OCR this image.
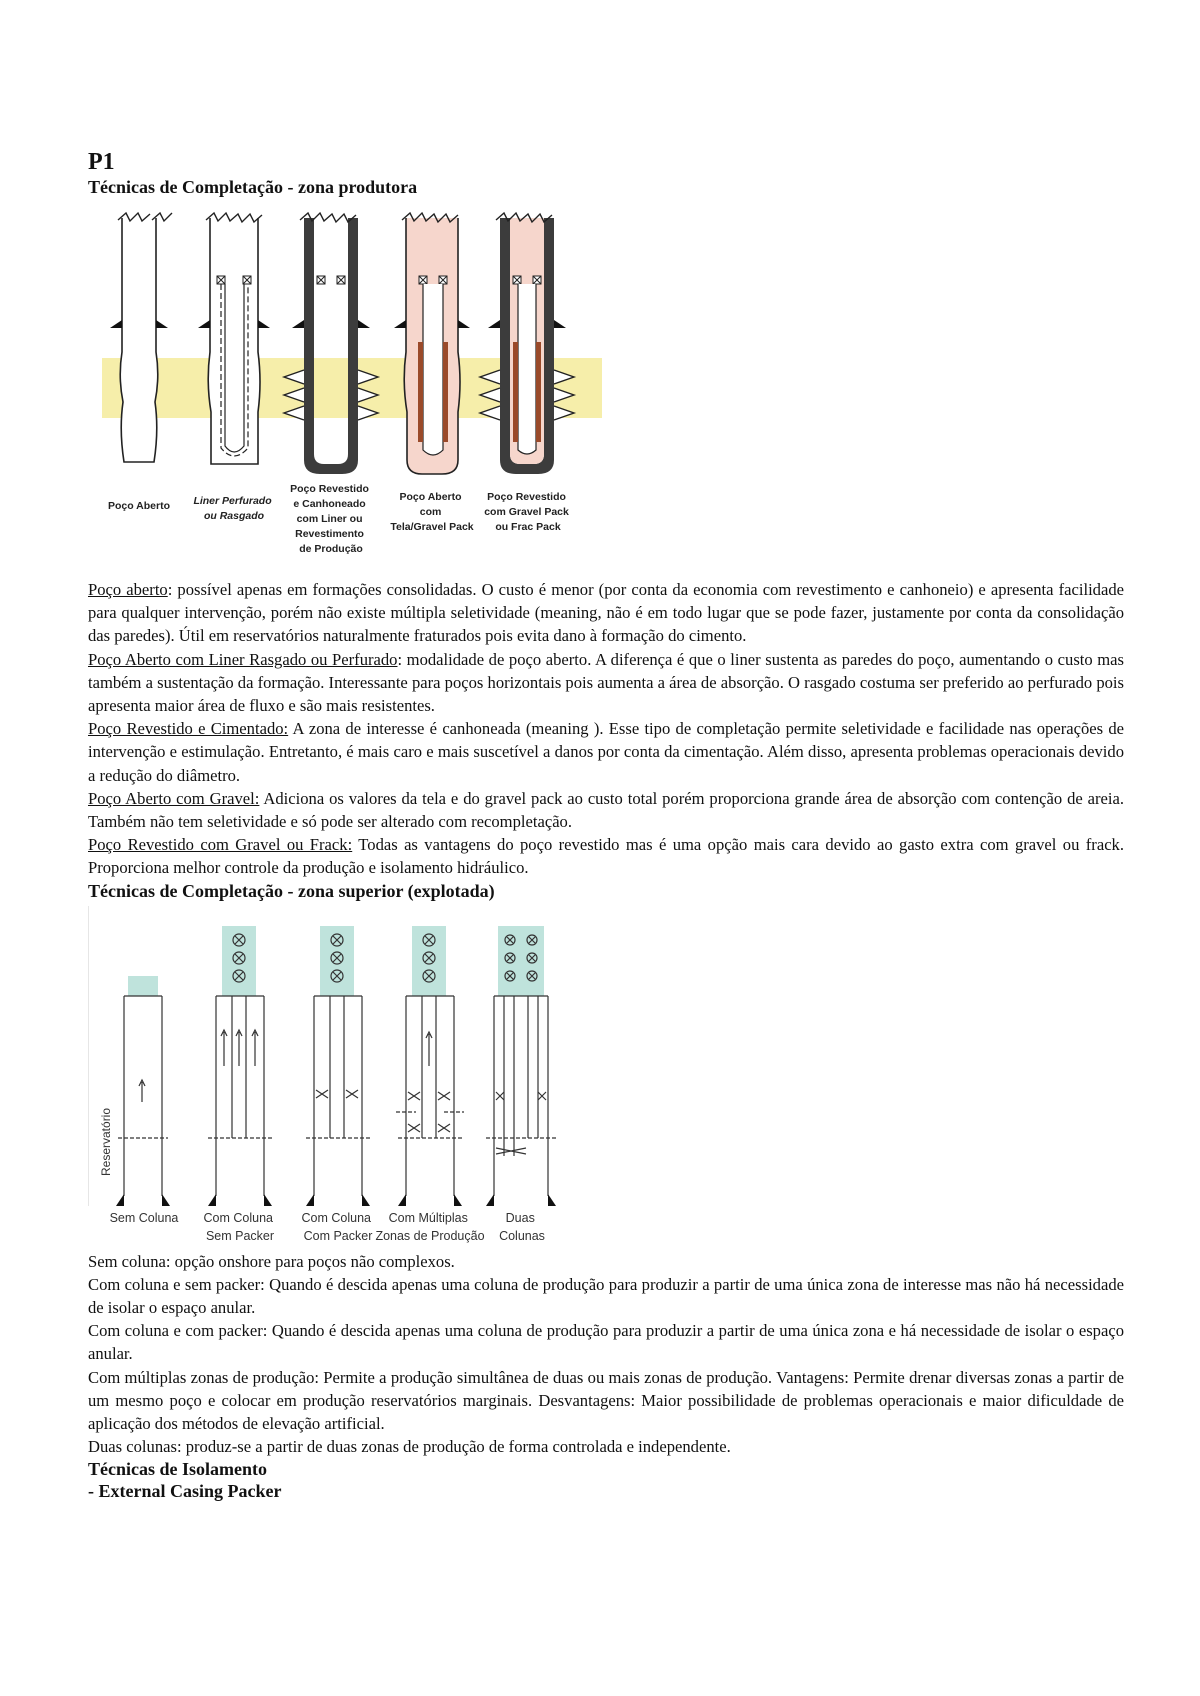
P1
Técnicas de Completação - zona produtora
Poço Aberto Liner Perfurado ou Rasgado
Poço Revestido e Canhoneado com Liner ou Revestimento de Produção
Poço Aberto com Tela/Gravel Pack
Poço Revestido com Gravel Pack ou Frac Pack

Poço aberto: possível apenas em formações consolidadas. O custo é menor (por conta da economia com revestimento e canhoneio) e apresenta facilidade para qualquer intervenção, porém não existe múltipla seletividade (meaning, não é em todo lugar que se pode fazer, justamente por conta da consolidação das paredes). Útil em reservatórios naturalmente fraturados pois evita dano à formação do cimento.

Poço Aberto com Liner Rasgado ou Perfurado: modalidade de poço aberto. A diferença é que o liner sustenta as paredes do poço, aumentando o custo mas também a sustentação da formação. Interessante para poços horizontais pois aumenta a área de absorção. O rasgado costuma ser preferido ao perfurado pois apresenta maior área de fluxo e são mais resistentes.

Poço Revestido e Cimentado: A zona de interesse é canhoneada (meaning ). Esse tipo de completação permite seletividade e facilidade nas operações de intervenção e estimulação. Entretanto, é mais caro e mais suscetível a danos por conta da cimentação. Além disso, apresenta problemas operacionais devido a redução do diâmetro.

Poço Aberto com Gravel: Adiciona os valores da tela e do gravel pack ao custo total porém proporciona grande área de absorção com contenção de areia. Também não tem seletividade e só pode ser alterado com recompletação.

Poço Revestido com Gravel ou Frack: Todas as vantagens do poço revestido mas é uma opção mais cara devido ao gasto extra com gravel ou frack. Proporciona melhor controle da produção e isolamento hidráulico.

Técnicas de Completação - zona superior (explotada)
Reservatório
Sem Coluna Com Coluna Sem Packer
Com Coluna Com Packer
Com Múltiplas Zonas de Produção
Duas Colunas

Sem coluna: opção onshore para poços não complexos.

Com coluna e sem packer: Quando é descida apenas uma coluna de produção para produzir a partir de uma única zona de interesse mas não há necessidade de isolar o espaço anular.

Com coluna e com packer: Quando é descida apenas uma coluna de produção para produzir a partir de uma única zona e há necessidade de isolar o espaço anular.

Com múltiplas zonas de produção: Permite a produção simultânea de duas ou mais zonas de produção. Vantagens: Permite drenar diversas zonas a partir de um mesmo poço e colocar em produção reservatórios marginais. Desvantagens: Maior possibilidade de problemas operacionais e maior dificuldade de aplicação dos métodos de elevação artificial.

Duas colunas: produz-se a partir de duas zonas de produção de forma controlada e independente.

Técnicas de Isolamento
- External Casing Packer
